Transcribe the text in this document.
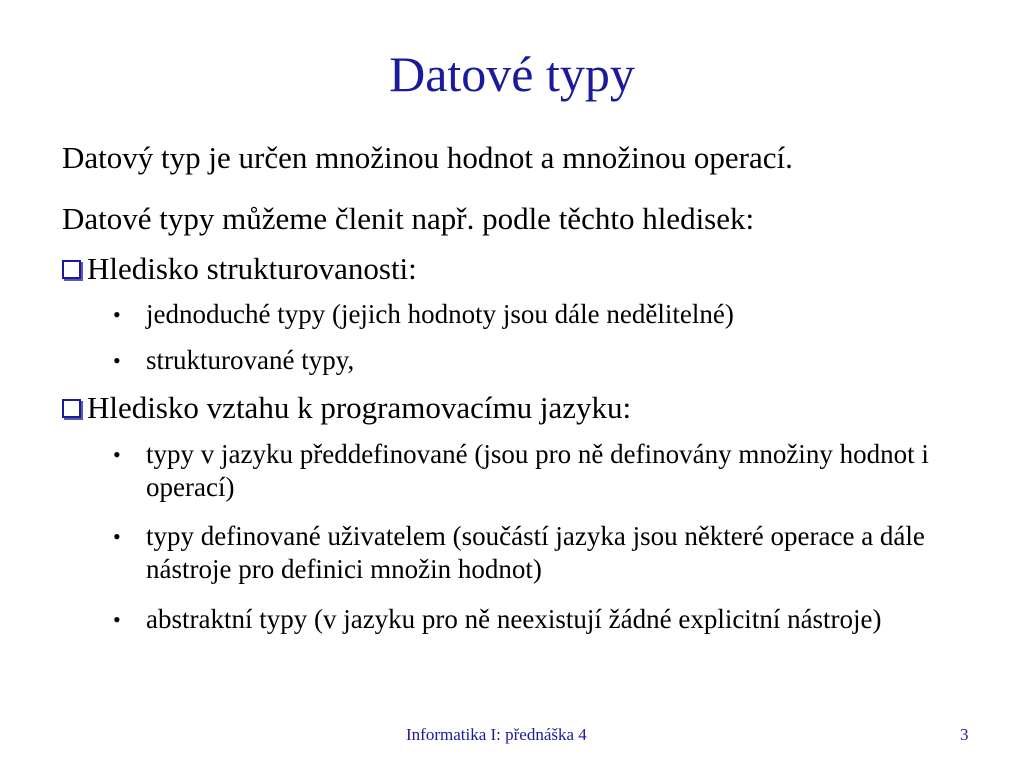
Datové typy
Datový typ je určen množinou hodnot a množinou operací.
Datové typy můžeme členit např. podle těchto hledisek:
Hledisko strukturovanosti:
• jednoduché typy (jejich hodnoty jsou dále nedělitelné)
• strukturované typy,
Hledisko vztahu k programovacímu jazyku:
• typy v jazyku předdefinované (jsou pro ně definovány množiny hodnot i operací)
• typy definované uživatelem (součástí jazyka jsou některé operace a dále nástroje pro definici množin hodnot)
• abstraktní typy (v jazyku pro ně neexistují žádné explicitní nástroje)
Informatika I: přednáška 4	3
